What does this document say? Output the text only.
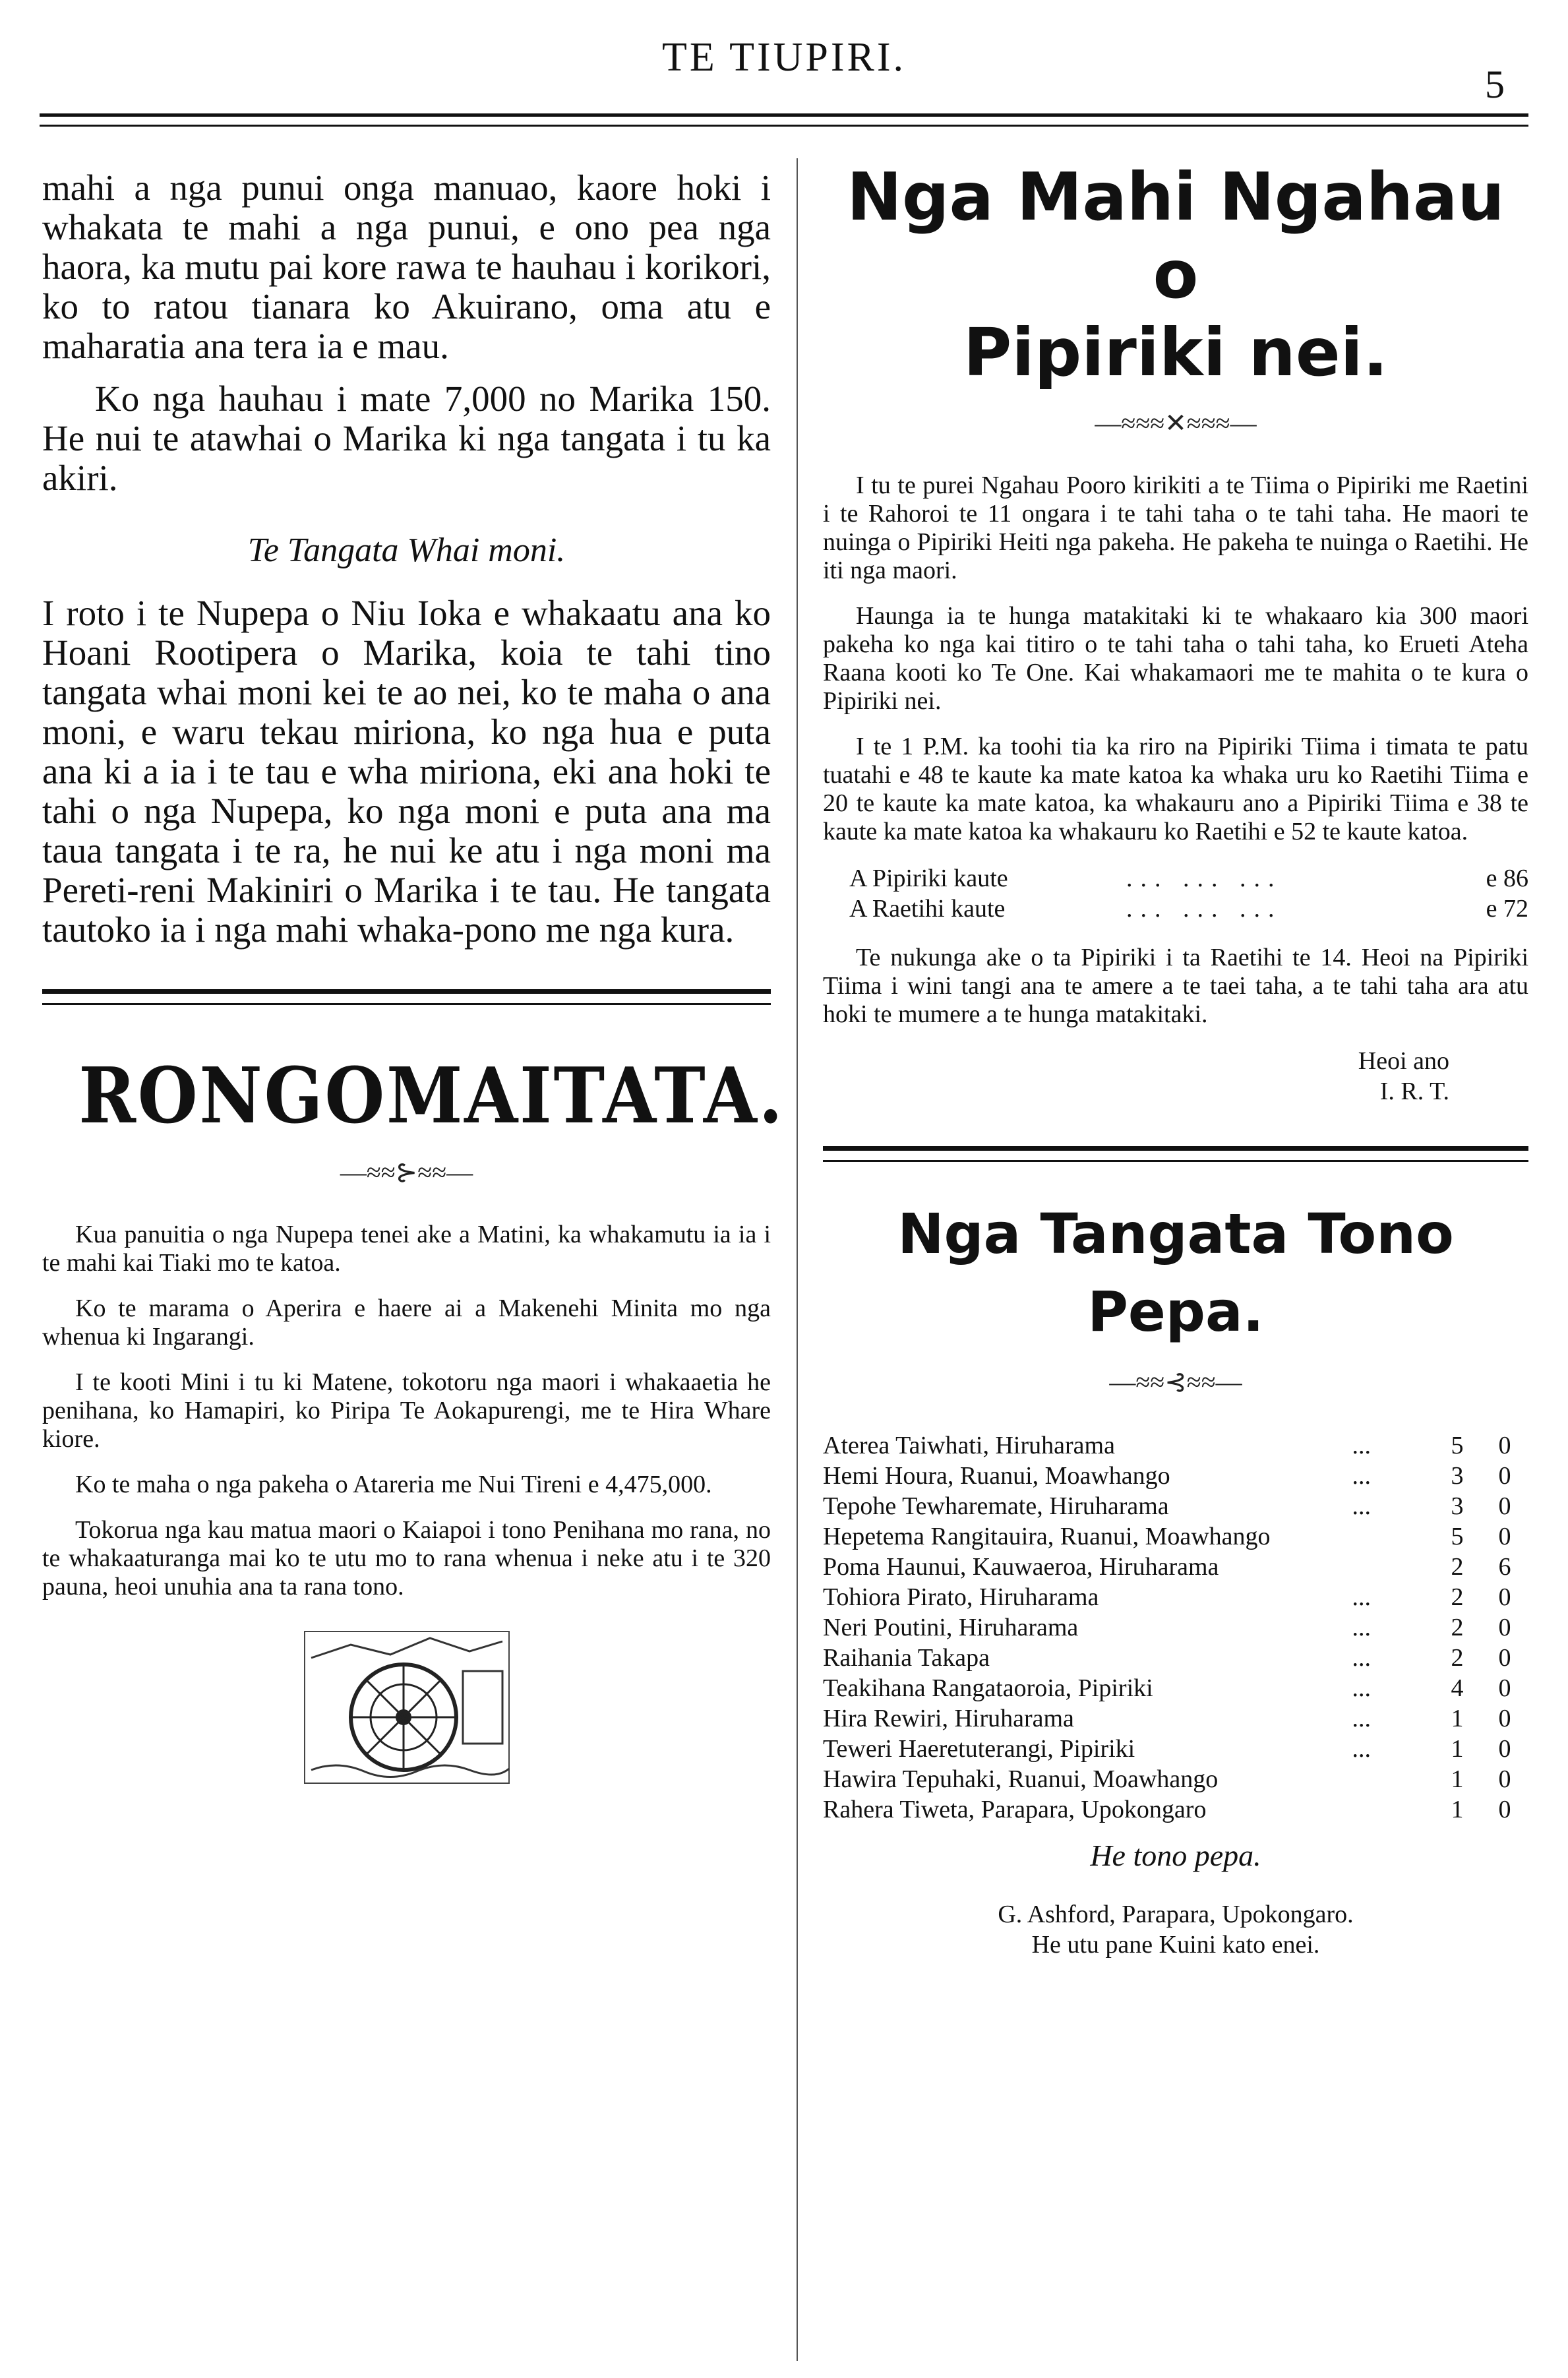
TE TIUPIRI.
5

mahi a nga punui onga manuao, kaore hoki i whakata te mahi a nga punui, e ono pea nga haora, ka mutu pai kore rawa te hauhau i korikori, ko to ratou tianara ko Akuirano, oma atu e maharatia ana tera ia e mau.

Ko nga hauhau i mate 7,000 no Marika 150. He nui te atawhai o Marika ki nga tangata i tu ka akiri.

Te Tangata Whai moni.

I roto i te Nupepa o Niu Ioka e whakaatu ana ko Hoani Rootipera o Marika, koia te tahi tino tangata whai moni kei te ao nei, ko te maha o ana moni, e waru tekau miriona, ko nga hua e puta ana ki a ia i te tau e wha miriona, eki ana hoki te tahi o nga Nupepa, ko nga moni e puta ana ma taua tangata i te ra, he nui ke atu i nga moni ma Pereti-reni Makiniri o Marika i te tau. He tangata tautoko ia i nga mahi whaka-pono me nga kura.

RONGOMAITATA.
—≈≈⊱≈≈—

Kua panuitia o nga Nupepa tenei ake a Matini, ka whakamutu ia ia i te mahi kai Tiaki mo te katoa.

Ko te marama o Aperira e haere ai a Makenehi Minita mo nga whenua ki Ingarangi.

I te kooti Mini i tu ki Matene, tokotoru nga maori i whakaaetia he penihana, ko Hamapiri, ko Piripa Te Aokapurengi, me te Hira Whare kiore.

Ko te maha o nga pakeha o Atareria me Nui Tireni e 4,475,000.

Tokorua nga kau matua maori o Kaiapoi i tono Penihana mo rana, no te whakaaturanga mai ko te utu mo to rana whenua i neke atu i te 320 pauna, heoi unuhia ana ta rana tono.

Nga Mahi Ngahau o
Pipiriki nei.
—≈≈≈✕≈≈≈—

I tu te purei Ngahau Pooro kirikiti a te Tiima o Pipiriki me Raetini i te Rahoroi te 11 ongara i te tahi taha o te tahi taha. He maori te nuinga o Pipiriki Heiti nga pakeha. He pakeha te nuinga o Raetihi. He iti nga maori.

Haunga ia te hunga matakitaki ki te whakaaro kia 300 maori pakeha ko nga kai titiro o te tahi taha o tahi taha, ko Erueti Ateha Raana kooti ko Te One. Kai whakamaori me te mahita o te kura o Pipiriki nei.

I te 1 P.M. ka toohi tia ka riro na Pipiriki Tiima i timata te patu tuatahi e 48 te kaute ka mate katoa ka whaka uru ko Raetihi Tiima e 20 te kaute ka mate katoa, ka whakauru ano a Pipiriki Tiima e 38 te kaute ka mate katoa ka whakauru ko Raetihi e 52 te kaute katoa.

A Pipiriki kaute	... ... ...	e 86
A Raetihi kaute	... ... ...	e 72

Te nukunga ake o ta Pipiriki i ta Raetihi te 14. Heoi na Pipiriki Tiima i wini tangi ana te amere a te taei taha, a te tahi taha ara atu hoki te mumere a te hunga matakitaki.

Heoi ano
I. R. T.
Nga Tangata Tono Pepa.
—≈≈⊰≈≈—
Aterea Taiwhati, Hiruharama	...	5	0
Hemi Houra, Ruanui, Moawhango	...	3	0
Tepohe Tewharemate, Hiruharama	...	3	0
Hepetema Rangitauira, Ruanui, Moawhango		5	0
Poma Haunui, Kauwaeroa, Hiruharama		2	6
Tohiora Pirato, Hiruharama	...	2	0
Neri Poutini, Hiruharama	...	2	0
Raihania Takapa	...	2	0
Teakihana Rangataoroia, Pipiriki	...	4	0
Hira Rewiri, Hiruharama	...	1	0
Teweri Haeretuterangi, Pipiriki	...	1	0
Hawira Tepuhaki, Ruanui, Moawhango		1	0
Rahera Tiweta, Parapara, Upokongaro		1	0
He tono pepa.
G. Ashford, Parapara, Upokongaro.
He utu pane Kuini kato enei.
